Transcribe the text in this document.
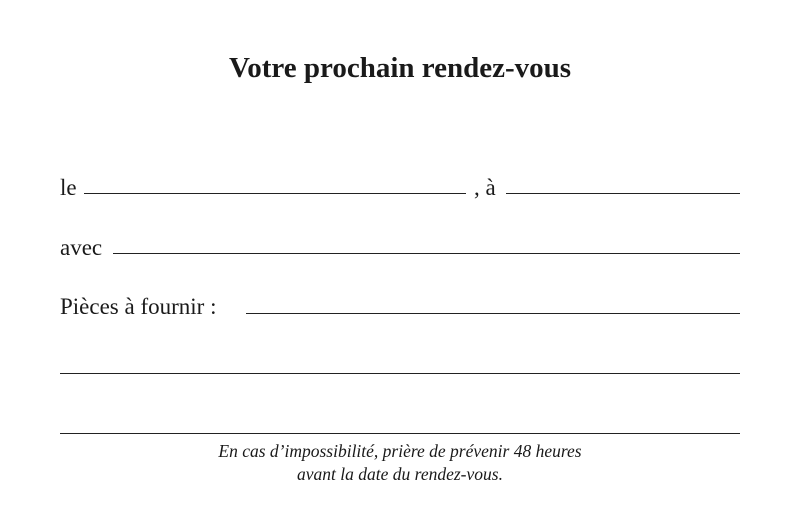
Votre prochain rendez-vous
le	, à
avec
Pièces à fournir :
En cas d’impossibilité, prière de prévenir 48 heures
avant la date du rendez-vous.
